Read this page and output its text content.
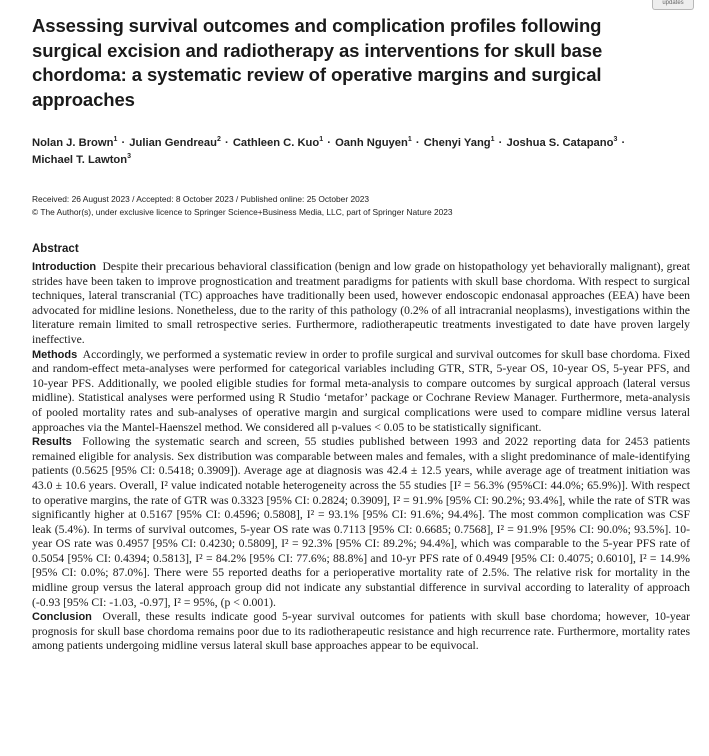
updates
Assessing survival outcomes and complication profiles following surgical excision and radiotherapy as interventions for skull base chordoma: a systematic review of operative margins and surgical approaches
Nolan J. Brown$^1$ · Julian Gendreau$^2$ · Cathleen C. Kuo$^1$ · Oanh Nguyen$^1$ · Chenyi Yang$^1$ · Joshua S. Catapano$^3$ ·
Michael T. Lawton$^3$
Received: 26 August 2023 / Accepted: 8 October 2023 / Published online: 25 October 2023
© The Author(s), under exclusive licence to Springer Science+Business Media, LLC, part of Springer Nature 2023
Abstract

Introduction Despite their precarious behavioral classification (benign and low grade on histopathology yet behaviorally malignant), great strides have been taken to improve prognostication and treatment paradigms for patients with skull base chordoma. With respect to surgical techniques, lateral transcranial (TC) approaches have traditionally been used, however endoscopic endonasal approaches (EEA) have been advocated for midline lesions. Nonetheless, due to the rarity of this pathology (0.2% of all intracranial neoplasms), investigations within the literature remain limited to small retrospective series. Furthermore, radiotherapeutic treatments investigated to date have proven largely ineffective.

Methods Accordingly, we performed a systematic review in order to profile surgical and survival outcomes for skull base chordoma. Fixed and random-effect meta-analyses were performed for categorical variables including GTR, STR, 5-year OS, 10-year OS, 5-year PFS, and 10-year PFS. Additionally, we pooled eligible studies for formal meta-analysis to compare outcomes by surgical approach (lateral versus midline). Statistical analyses were performed using R Studio ‘metafor’ package or Cochrane Review Manager. Furthermore, meta-analysis of pooled mortality rates and sub-analyses of operative margin and surgical complications were used to compare midline versus lateral approaches via the Mantel-Haenszel method. We considered all p-values < 0.05 to be statistically significant.

Results Following the systematic search and screen, 55 studies published between 1993 and 2022 reporting data for 2453 patients remained eligible for analysis. Sex distribution was comparable between males and females, with a slight predominance of male-identifying patients (0.5625 [95% CI: 0.5418; 0.3909]). Average age at diagnosis was 42.4 ± 12.5 years, while average age of treatment initiation was 43.0 ± 10.6 years. Overall, I² value indicated notable heterogeneity across the 55 studies [I² = 56.3% (95%CI: 44.0%; 65.9%)]. With respect to operative margins, the rate of GTR was 0.3323 [95% CI: 0.2824; 0.3909], I² = 91.9% [95% CI: 90.2%; 93.4%], while the rate of STR was significantly higher at 0.5167 [95% CI: 0.4596; 0.5808], I² = 93.1% [95% CI: 91.6%; 94.4%]. The most common complication was CSF leak (5.4%). In terms of survival outcomes, 5-year OS rate was 0.7113 [95% CI: 0.6685; 0.7568], I² = 91.9% [95% CI: 90.0%; 93.5%]. 10-year OS rate was 0.4957 [95% CI: 0.4230; 0.5809], I² = 92.3% [95% CI: 89.2%; 94.4%], which was comparable to the 5-year PFS rate of 0.5054 [95% CI: 0.4394; 0.5813], I² = 84.2% [95% CI: 77.6%; 88.8%] and 10-yr PFS rate of 0.4949 [95% CI: 0.4075; 0.6010], I² = 14.9% [95% CI: 0.0%; 87.0%]. There were 55 reported deaths for a perioperative mortality rate of 2.5%. The relative risk for mortality in the midline group versus the lateral approach group did not indicate any substantial difference in survival according to laterality of approach (-0.93 [95% CI: -1.03, -0.97], I² = 95%, (p < 0.001).

Conclusion Overall, these results indicate good 5-year survival outcomes for patients with skull base chordoma; however, 10-year prognosis for skull base chordoma remains poor due to its radiotherapeutic resistance and high recurrence rate. Furthermore, mortality rates among patients undergoing midline versus lateral skull base approaches appear to be equivocal.
